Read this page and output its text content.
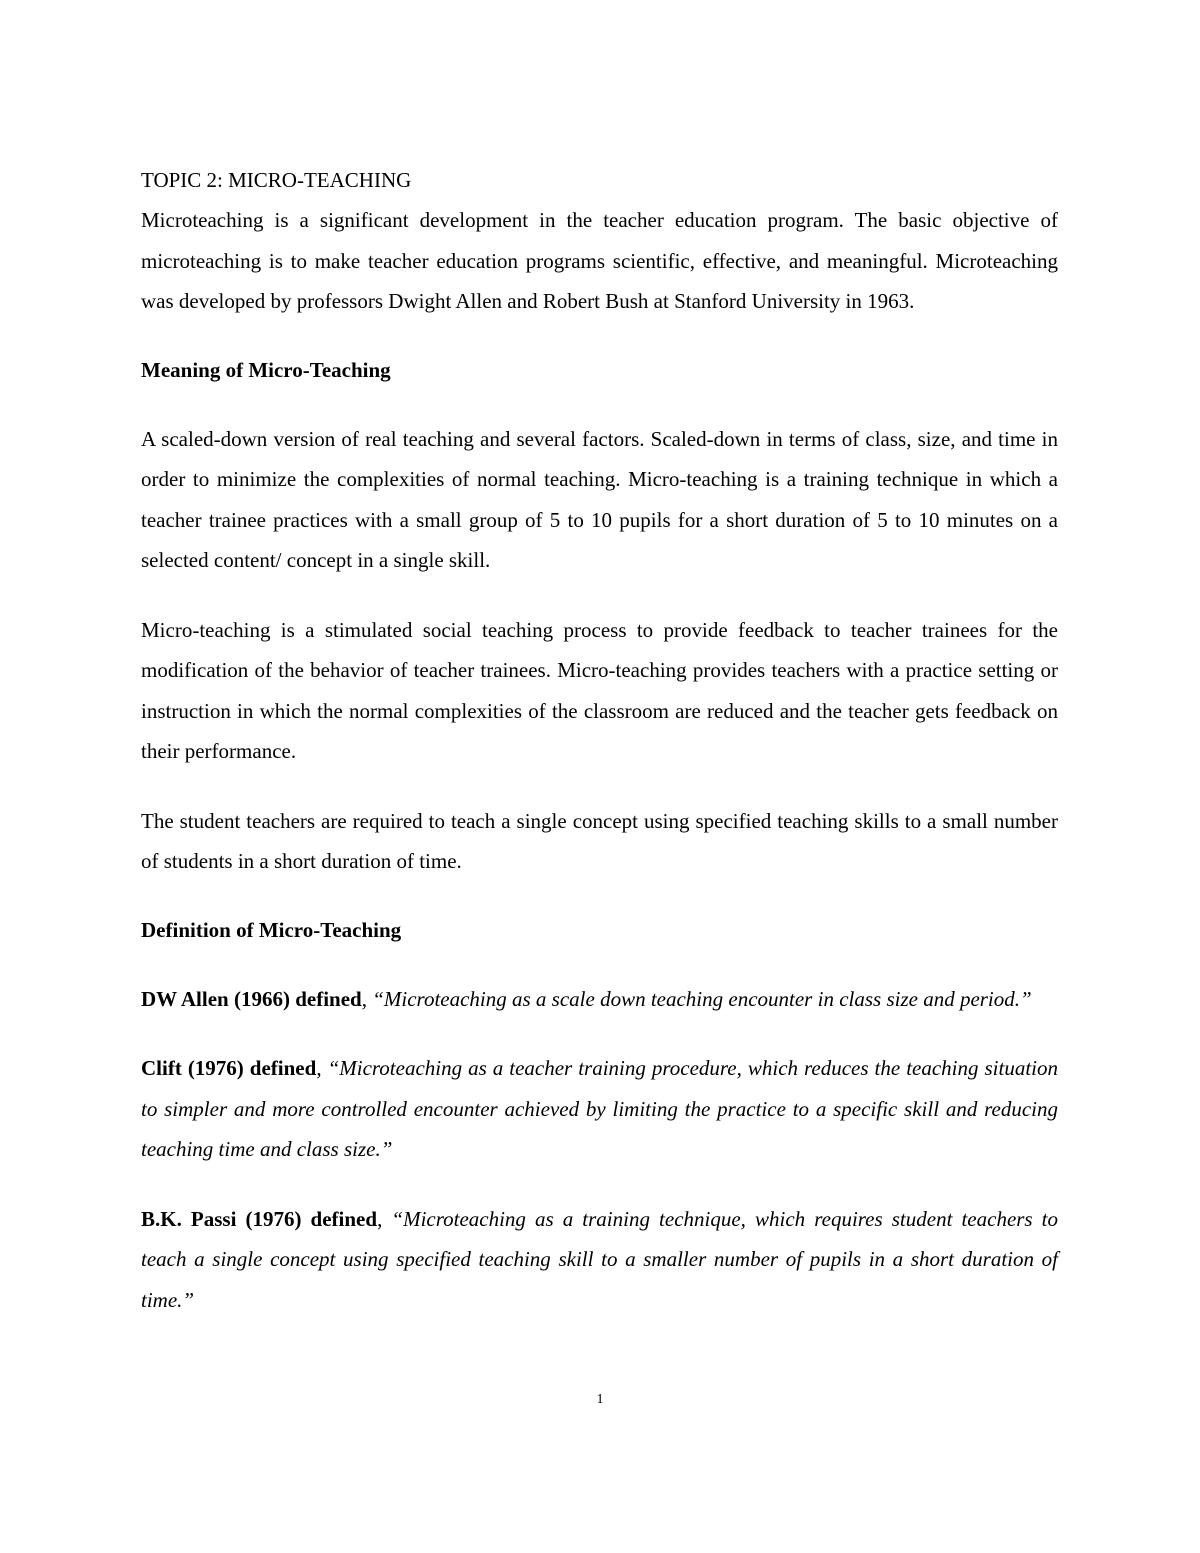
TOPIC 2: MICRO-TEACHING

Microteaching is a significant development in the teacher education program. The basic objective of microteaching is to make teacher education programs scientific, effective, and meaningful. Microteaching was developed by professors Dwight Allen and Robert Bush at Stanford University in 1963.

Meaning of Micro-Teaching

A scaled-down version of real teaching and several factors. Scaled-down in terms of class, size, and time in order to minimize the complexities of normal teaching. Micro-teaching is a training technique in which a teacher trainee practices with a small group of 5 to 10 pupils for a short duration of 5 to 10 minutes on a selected content/ concept in a single skill.

Micro-teaching is a stimulated social teaching process to provide feedback to teacher trainees for the modification of the behavior of teacher trainees. Micro-teaching provides teachers with a practice setting or instruction in which the normal complexities of the classroom are reduced and the teacher gets feedback on their performance.

The student teachers are required to teach a single concept using specified teaching skills to a small number of students in a short duration of time.

Definition of Micro-Teaching

DW Allen (1966) defined, “Microteaching as a scale down teaching encounter in class size and period.”

Clift (1976) defined, “Microteaching as a teacher training procedure, which reduces the teaching situation to simpler and more controlled encounter achieved by limiting the practice to a specific skill and reducing teaching time and class size.”

B.K. Passi (1976) defined, “Microteaching as a training technique, which requires student teachers to teach a single concept using specified teaching skill to a smaller number of pupils in a short duration of time.”

1
